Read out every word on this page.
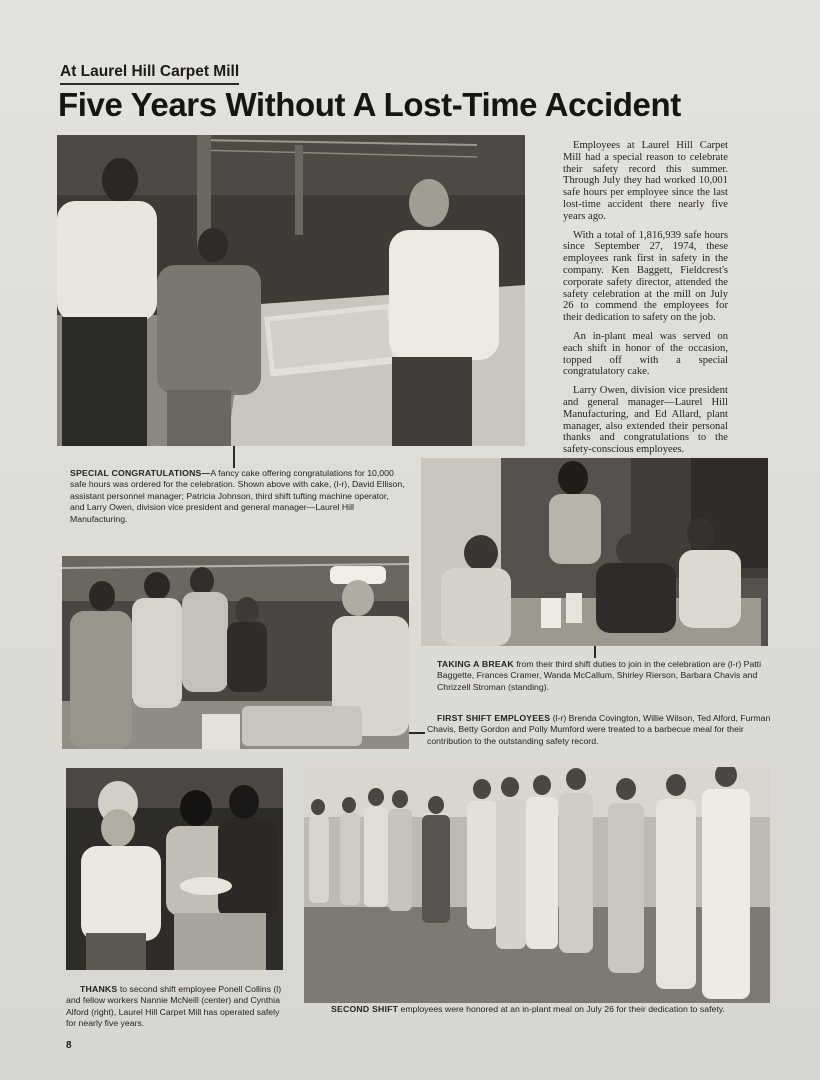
At Laurel Hill Carpet Mill
Five Years Without A Lost-Time Accident

Employees at Laurel Hill Carpet Mill had a special reason to celebrate their safety record this summer. Through July they had worked 10,001 safe hours per employee since the last lost-time accident there nearly five years ago.

With a total of 1,816,939 safe hours since September 27, 1974, these employees rank first in safety in the company. Ken Baggett, Fieldcrest's corporate safety director, attended the safety celebration at the mill on July 26 to commend the employees for their dedication to safety on the job.

An in-plant meal was served on each shift in honor of the occasion, topped off with a special congratulatory cake.

Larry Owen, division vice president and general manager—Laurel Hill Manufacturing, and Ed Allard, plant manager, also extended their personal thanks and congratulations to the safety-conscious employees.

SPECIAL CONGRATULATIONS—A fancy cake offering congratulations for 10,000 safe hours was ordered for the celebration. Shown above with cake, (l-r), David Ellison, assistant personnel manager; Patricia Johnson, third shift tufting machine operator, and Larry Owen, division vice president and general manager—Laurel Hill Manufacturing.
TAKING A BREAK from their third shift duties to join in the celebration are (l-r) Patti Baggette, Frances Cramer, Wanda McCallum, Shirley Rierson, Barbara Chavis and Chrizzell Stroman (standing).
FIRST SHIFT EMPLOYEES (l-r) Brenda Covington, Willie Wilson, Ted Alford, Furman Chavis, Betty Gordon and Polly Mumford were treated to a barbecue meal for their contribution to the outstanding safety record.
THANKS to second shift employee Ponell Collins (l) and fellow workers Nannie McNeill (center) and Cynthia Alford (right), Laurel Hill Carpet Mill has operated safely for nearly five years.
SECOND SHIFT employees were honored at an in-plant meal on July 26 for their dedication to safety.
8
